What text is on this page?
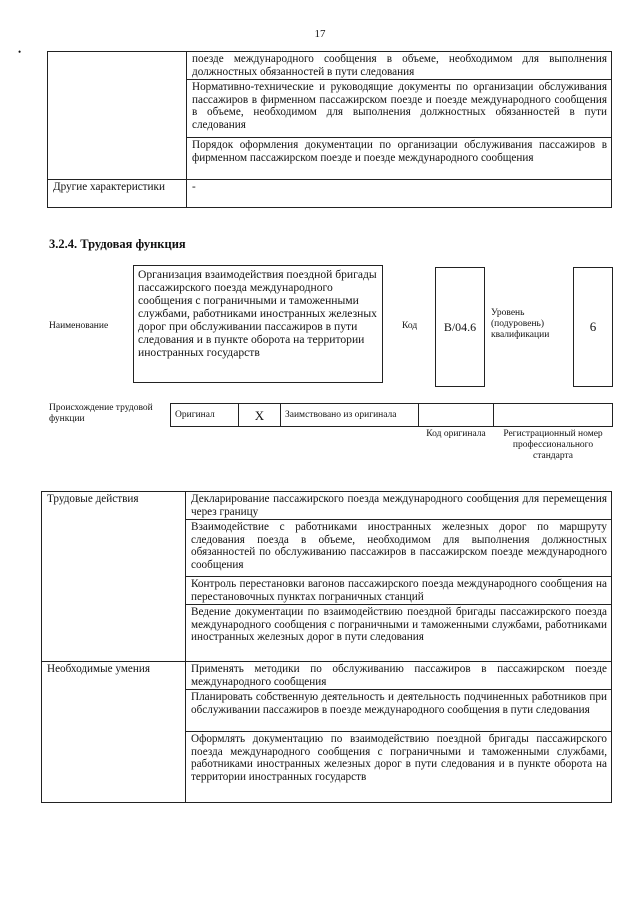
17
•
	поезде международного сообщения в объеме, необходимом для выполнения должностных обязанностей в пути следования
	Нормативно-технические и руководящие документы по организации обслуживания пассажиров в фирменном пассажирском поезде и поезде международного сообщения в объеме, необходимом для выполнения должностных обязанностей в пути следования
	Порядок оформления документации по организации обслуживания пассажиров в фирменном пассажирском поезде и поезде международного сообщения
Другие характеристики	-
3.2.4. Трудовая функция
Наименование
Организация взаимодействия поездной бригады пассажирского поезда международного сообщения с пограничными и таможенными службами, работниками иностранных железных дорог при обслуживании пассажиров в пути следования и в пункте оборота на территории иностранных государств
Код	B/04.6
Уровень (подуровень) квалификации
6
Происхождение трудовой функции	Оригинал	X	Заимствовано из оригинала		
Код оригинала	Регистрационный номер профессионального стандарта
Трудовые действия	Декларирование пассажирского поезда международного сообщения для перемещения через границу
	Взаимодействие с работниками иностранных железных дорог по маршруту следования поезда в объеме, необходимом для выполнения должностных обязанностей по обслуживанию пассажиров в пассажирском поезде международного сообщения
	Контроль перестановки вагонов пассажирского поезда международного сообщения на перестановочных пунктах пограничных станций
	Ведение документации по взаимодействию поездной бригады пассажирского поезда международного сообщения с пограничными и таможенными службами, работниками иностранных железных дорог в пути следования
Необходимые умения	Применять методики по обслуживанию пассажиров в пассажирском поезде международного сообщения
	Планировать собственную деятельность и деятельность подчиненных работников при обслуживании пассажиров в поезде международного сообщения в пути следования
	Оформлять документацию по взаимодействию поездной бригады пассажирского поезда международного сообщения с пограничными и таможенными службами, работниками иностранных железных дорог в пути следования и в пункте оборота на территории иностранных государств
